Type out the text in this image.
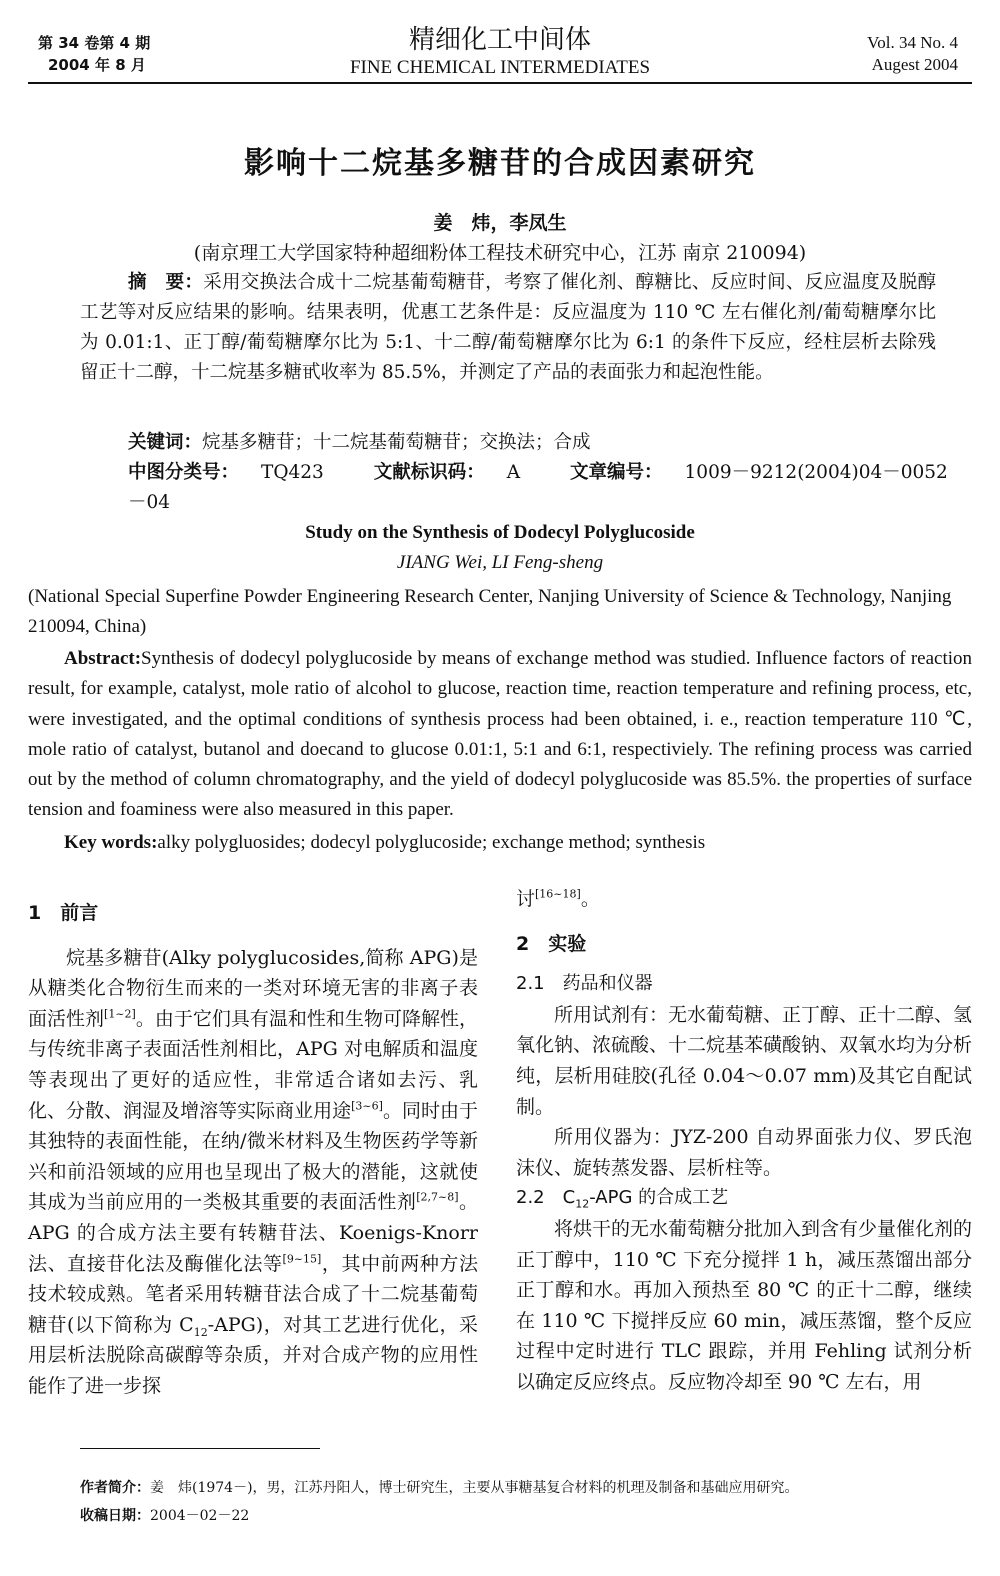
第 34 卷第 4 期
2004 年 8 月
精细化工中间体
FINE CHEMICAL INTERMEDIATES
Vol. 34 No. 4
Augest 2004
影响十二烷基多糖苷的合成因素研究
姜　炜，李凤生
(南京理工大学国家特种超细粉体工程技术研究中心，江苏 南京 210094)
摘　要：采用交换法合成十二烷基葡萄糖苷，考察了催化剂、醇糖比、反应时间、反应温度及脱醇工艺等对反应结果的影响。结果表明，优惠工艺条件是：反应温度为 110 ℃ 左右催化剂/葡萄糖摩尔比为 0.01:1、正丁醇/葡萄糖摩尔比为 5:1、十二醇/葡萄糖摩尔比为 6:1 的条件下反应，经柱层析去除残留正十二醇，十二烷基多糖甙收率为 85.5%，并测定了产品的表面张力和起泡性能。
关键词：烷基多糖苷；十二烷基葡萄糖苷；交换法；合成
中图分类号： TQ423	文献标识码： A	文章编号： 1009－9212(2004)04－0052－04
Study on the Synthesis of Dodecyl Polyglucoside
JIANG Wei, LI Feng-sheng
(National Special Superfine Powder Engineering Research Center, Nanjing University of Science & Technology, Nanjing 210094, China)
Abstract:Synthesis of dodecyl polyglucoside by means of exchange method was studied. Influence factors of reaction result, for example, catalyst, mole ratio of alcohol to glucose, reaction time, reaction temperature and refining process, etc, were investigated, and the optimal conditions of synthesis process had been obtained, i. e., reaction temperature 110 ℃, mole ratio of catalyst, butanol and doecand to glucose 0.01:1, 5:1 and 6:1, respectiviely. The refining process was carried out by the method of column chromatography, and the yield of dodecyl polyglucoside was 85.5%. the properties of surface tension and foaminess were also measured in this paper.
Key words:alky polygluosides; dodecyl polyglucoside; exchange method; synthesis

1　前言

烷基多糖苷(Alky polyglucosides,简称 APG)是从糖类化合物衍生而来的一类对环境无害的非离子表面活性剂[1~2]。由于它们具有温和性和生物可降解性，与传统非离子表面活性剂相比，APG 对电解质和温度等表现出了更好的适应性，非常适合诸如去污、乳化、分散、润湿及增溶等实际商业用途[3~6]。同时由于其独特的表面性能，在纳/微米材料及生物医药学等新兴和前沿领域的应用也呈现出了极大的潜能，这就使其成为当前应用的一类极其重要的表面活性剂[2,7~8]。APG 的合成方法主要有转糖苷法、Koenigs-Knorr 法、直接苷化法及酶催化法等[9~15]，其中前两种方法技术较成熟。笔者采用转糖苷法合成了十二烷基葡萄糖苷(以下简称为 $C_{12}-APG$)，对其工艺进行优化，采用层析法脱除高碳醇等杂质，并对合成产物的应用性能作了进一步探

讨[16~18]。

2　实验

2.1　药品和仪器

所用试剂有：无水葡萄糖、正丁醇、正十二醇、氢氧化钠、浓硫酸、十二烷基苯磺酸钠、双氧水均为分析纯，层析用硅胶(孔径 0.04～0.07 mm)及其它自配试制。

所用仪器为：JYZ-200 自动界面张力仪、罗氏泡沫仪、旋转蒸发器、层析柱等。

2.2　$C_{12}$-APG 的合成工艺

将烘干的无水葡萄糖分批加入到含有少量催化剂的正丁醇中，110 ℃ 下充分搅拌 1 h，减压蒸馏出部分正丁醇和水。再加入预热至 80 ℃ 的正十二醇，继续在 110 ℃ 下搅拌反应 60 min，减压蒸馏，整个反应过程中定时进行 TLC 跟踪，并用 Fehling 试剂分析以确定反应终点。反应物冷却至 90 ℃ 左右，用

作者简介：姜　炜(1974－)，男，江苏丹阳人，博士研究生，主要从事糖基复合材料的机理及制备和基础应用研究。
收稿日期：2004－02－22
